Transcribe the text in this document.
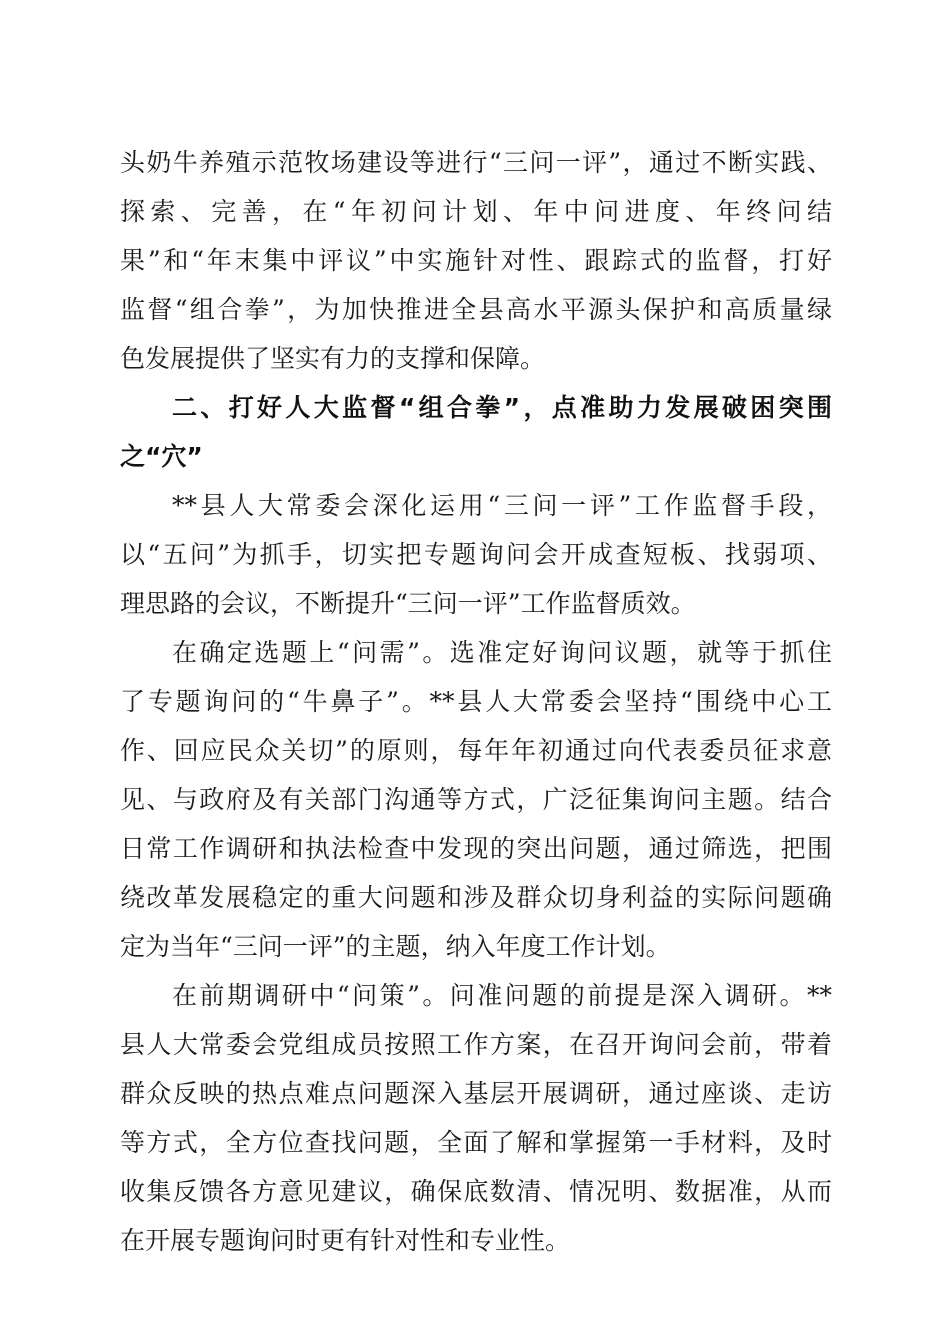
头奶牛养殖示范牧场建设等进行“三问一评”，通过不断实践、
探索、完善，在“年初问计划、年中问进度、年终问结
果”和“年末集中评议”中实施针对性、跟踪式的监督，打好
监督“组合拳”，为加快推进全县高水平源头保护和高质量绿
色发展提供了坚实有力的支撑和保障。
二、打好人大监督“组合拳”，点准助力发展破困突围
之“穴”
**县人大常委会深化运用“三问一评”工作监督手段，
以“五问”为抓手，切实把专题询问会开成查短板、找弱项、
理思路的会议，不断提升“三问一评”工作监督质效。
在确定选题上“问需”。选准定好询问议题，就等于抓住
了专题询问的“牛鼻子”。**县人大常委会坚持“围绕中心工
作、回应民众关切”的原则，每年年初通过向代表委员征求意
见、与政府及有关部门沟通等方式，广泛征集询问主题。结合
日常工作调研和执法检查中发现的突出问题，通过筛选，把围
绕改革发展稳定的重大问题和涉及群众切身利益的实际问题确
定为当年“三问一评”的主题，纳入年度工作计划。
在前期调研中“问策”。问准问题的前提是深入调研。**
县人大常委会党组成员按照工作方案，在召开询问会前，带着
群众反映的热点难点问题深入基层开展调研，通过座谈、走访
等方式，全方位查找问题，全面了解和掌握第一手材料，及时
收集反馈各方意见建议，确保底数清、情况明、数据准，从而
在开展专题询问时更有针对性和专业性。
